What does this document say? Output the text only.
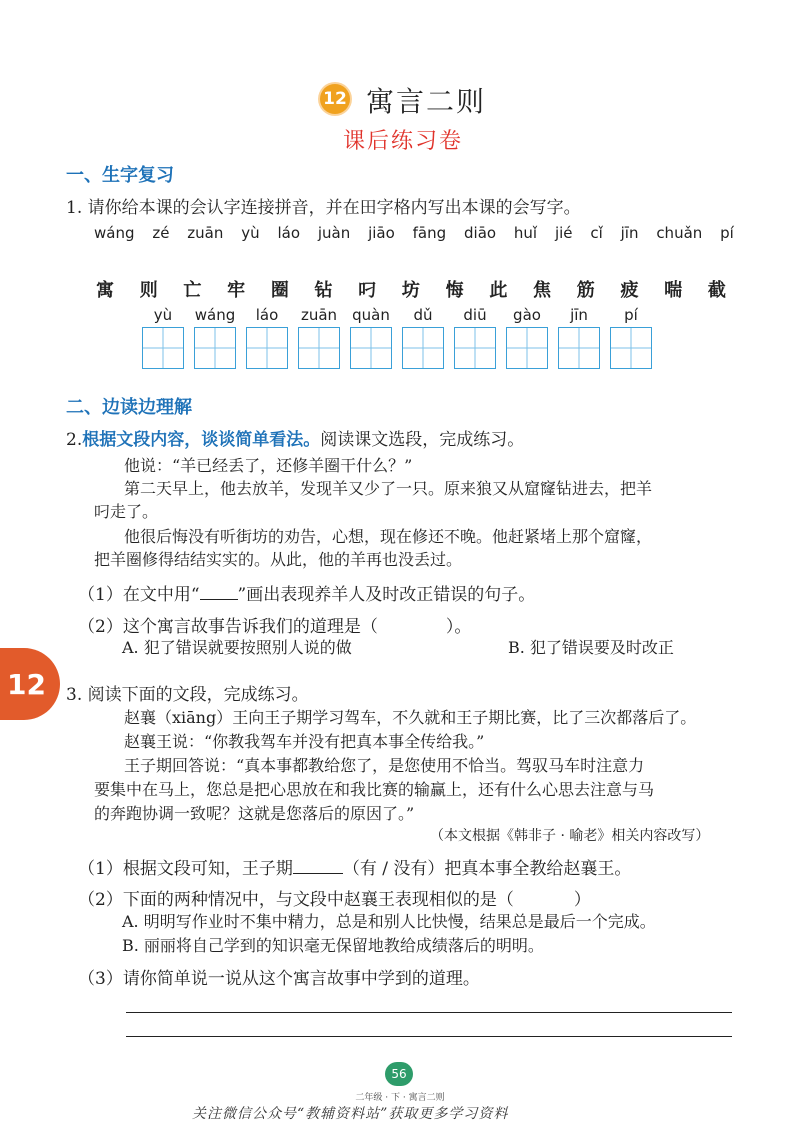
12 寓言二则
课后练习卷
一、生字复习
1. 请你给本课的会认字连接拼音，并在田字格内写出本课的会写字。
wáng zé zuān yù láo juàn jiāo fāng diāo huǐ jié cǐ jīn chuǎn pí
寓 则 亡 牢 圈 钻 叼 坊 悔 此 焦 筋 疲 喘 截
yù	wáng	láo	zuān	quàn	dǔ	diū	gào	jīn	pí
二、边读边理解
2.根据文段内容，谈谈简单看法。阅读课文选段，完成练习。
他说：“羊已经丢了，还修羊圈干什么？”
第二天早上，他去放羊，发现羊又少了一只。原来狼又从窟窿钻进去，把羊
叼走了。
他很后悔没有听街坊的劝告，心想，现在修还不晚。他赶紧堵上那个窟窿，
把羊圈修得结结实实的。从此，他的羊再也没丢过。
（1）在文中用“ ”画出表现养羊人及时改正错误的句子。
（2）这个寓言故事告诉我们的道理是（	）。
A. 犯了错误就要按照别人说的做	B. 犯了错误要及时改正
12	3. 阅读下面的文段，完成练习。
赵襄（xiāng）王向王子期学习驾车，不久就和王子期比赛，比了三次都落后了。
赵襄王说：“你教我驾车并没有把真本事全传给我。”
王子期回答说：“真本事都教给您了，是您使用不恰当。驾驭马车时注意力
要集中在马上，您总是把心思放在和我比赛的输赢上，还有什么心思去注意与马
的奔跑协调一致呢？这就是您落后的原因了。”
（本文根据《韩非子 · 喻老》相关内容改写）
（1）根据文段可知，王子期	（有 / 没有）把真本事全教给赵襄王。
（2）下面的两种情况中，与文段中赵襄王表现相似的是（	）
A. 明明写作业时不集中精力，总是和别人比快慢，结果总是最后一个完成。
B. 丽丽将自己学到的知识毫无保留地教给成绩落后的明明。
（3）请你简单说一说从这个寓言故事中学到的道理。
56
二年级 · 下 · 寓言二则
关注微信公众号“教辅资料站”获取更多学习资料
